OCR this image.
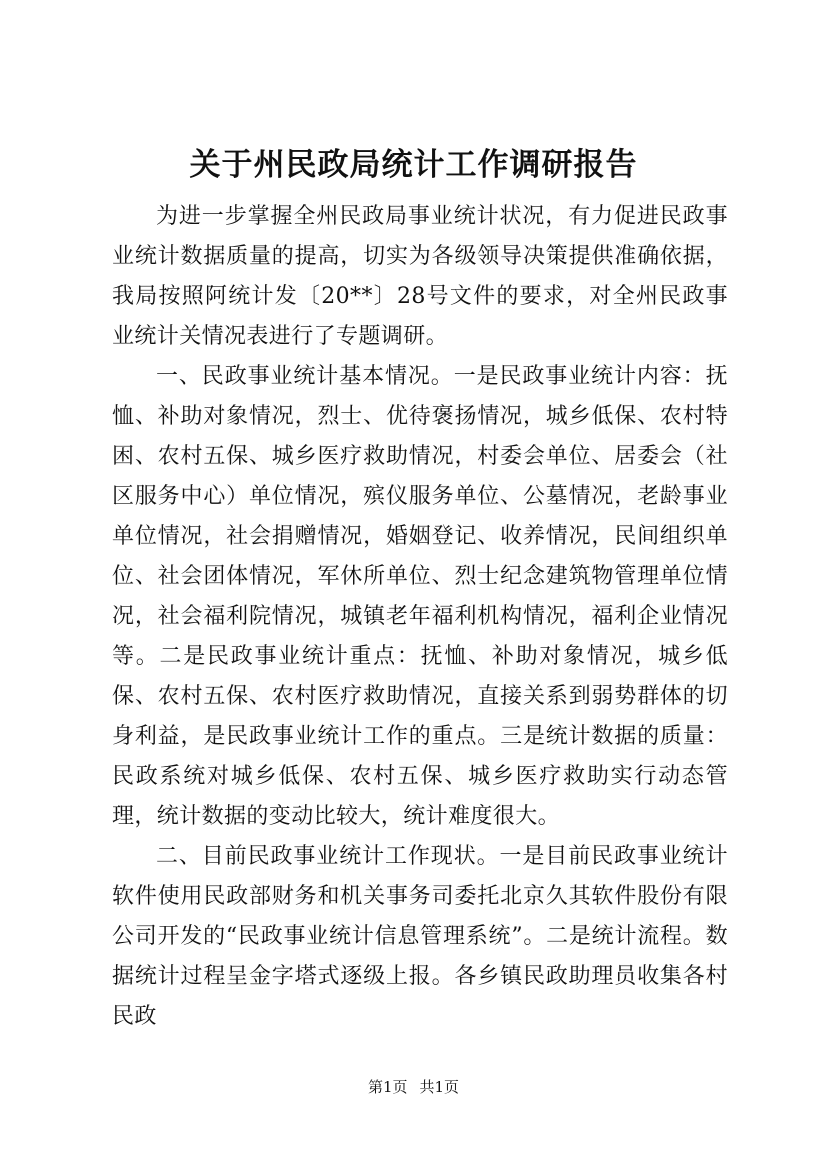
关于州民政局统计工作调研报告

为进一步掌握全州民政局事业统计状况，有力促进民政事业统计数据质量的提高，切实为各级领导决策提供准确依据，我局按照阿统计发〔20**〕28号文件的要求，对全州民政事业统计关情况表进行了专题调研。

一、民政事业统计基本情况。一是民政事业统计内容：抚恤、补助对象情况，烈士、优待褒扬情况，城乡低保、农村特困、农村五保、城乡医疗救助情况，村委会单位、居委会（社区服务中心）单位情况，殡仪服务单位、公墓情况，老龄事业单位情况，社会捐赠情况，婚姻登记、收养情况，民间组织单位、社会团体情况，军休所单位、烈士纪念建筑物管理单位情况，社会福利院情况，城镇老年福利机构情况，福利企业情况等。二是民政事业统计重点：抚恤、补助对象情况，城乡低保、农村五保、农村医疗救助情况，直接关系到弱势群体的切身利益，是民政事业统计工作的重点。三是统计数据的质量：民政系统对城乡低保、农村五保、城乡医疗救助实行动态管理，统计数据的变动比较大，统计难度很大。

二、目前民政事业统计工作现状。一是目前民政事业统计软件使用民政部财务和机关事务司委托北京久其软件股份有限公司开发的“民政事业统计信息管理系统”。二是统计流程。数据统计过程呈金字塔式逐级上报。各乡镇民政助理员收集各村民政

第1页 共1页
